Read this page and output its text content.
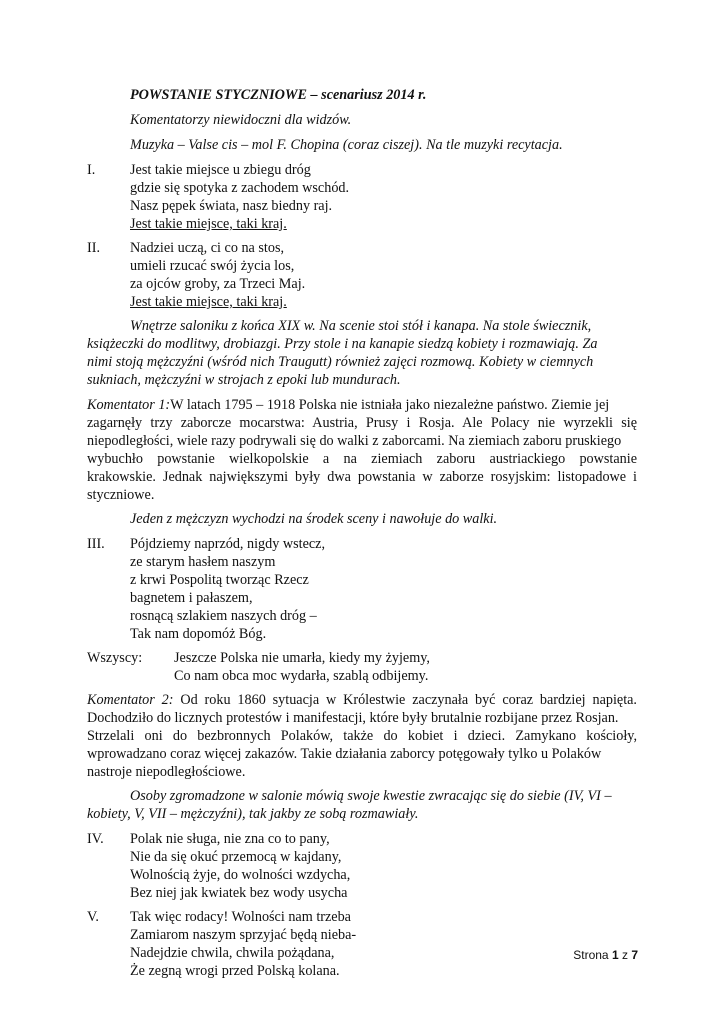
POWSTANIE STYCZNIOWE – scenariusz 2014 r.
Komentatorzy niewidoczni dla widzów.
Muzyka – Valse cis – mol F. Chopina (coraz ciszej). Na tle muzyki recytacja.
I. Jest takie miejsce u zbiegu dróg
gdzie się spotyka z zachodem wschód.
Nasz pępek świata, nasz biedny raj.
Jest takie miejsce, taki kraj.
II. Nadziei uczą, ci co na stos,
umieli rzucać swój życia los,
za ojców groby, za Trzeci Maj.
Jest takie miejsce, taki kraj.
Wnętrze saloniku z końca XIX w. Na scenie stoi stół i kanapa. Na stole świecznik,
książeczki do modlitwy, drobiazgi. Przy stole i na kanapie siedzą kobiety i rozmawiają. Za
nimi stoją mężczyźni (wśród nich Traugutt) również zajęci rozmową. Kobiety w ciemnych
sukniach, mężczyźni w strojach z epoki lub mundurach.
Komentator 1:W latach 1795 – 1918 Polska nie istniała jako niezależne państwo. Ziemie jej
zagarnęły trzy zaborcze mocarstwa: Austria, Prusy i Rosja. Ale Polacy nie wyrzekli się
niepodległości, wiele razy podrywali się do walki z zaborcami. Na ziemiach zaboru pruskiego
wybuchło powstanie wielkopolskie a na ziemiach zaboru austriackiego powstanie
krakowskie. Jednak największymi były dwa powstania w zaborze rosyjskim: listopadowe i
styczniowe.
Jeden z mężczyzn wychodzi na środek sceny i nawołuje do walki.
III. Pójdziemy naprzód, nigdy wstecz,
ze starym hasłem naszym
z krwi Pospolitą tworząc Rzecz
bagnetem i pałaszem,
rosnącą szlakiem naszych dróg –
Tak nam dopomóż Bóg.
Wszyscy: Jeszcze Polska nie umarła, kiedy my żyjemy,
Co nam obca moc wydarła, szablą odbijemy.
Komentator 2: Od roku 1860 sytuacja w Królestwie zaczynała być coraz bardziej napięta.
Dochodziło do licznych protestów i manifestacji, które były brutalnie rozbijane przez Rosjan.
Strzelali oni do bezbronnych Polaków, także do kobiet i dzieci. Zamykano kościoły,
wprowadzano coraz więcej zakazów. Takie działania zaborcy potęgowały tylko u Polaków
nastroje niepodległościowe.
Osoby zgromadzone w salonie mówią swoje kwestie zwracając się do siebie (IV, VI –
kobiety, V, VII – mężczyźni), tak jakby ze sobą rozmawiały.
IV. Polak nie sługa, nie zna co to pany,
Nie da się okuć przemocą w kajdany,
Wolnością żyje, do wolności wzdycha,
Bez niej jak kwiatek bez wody usycha
V. Tak więc rodacy! Wolności nam trzeba
Zamiarom naszym sprzyjać będą nieba-
Nadejdzie chwila, chwila pożądana,
Że zegną wrogi przed Polską kolana.
Strona 1 z 7
